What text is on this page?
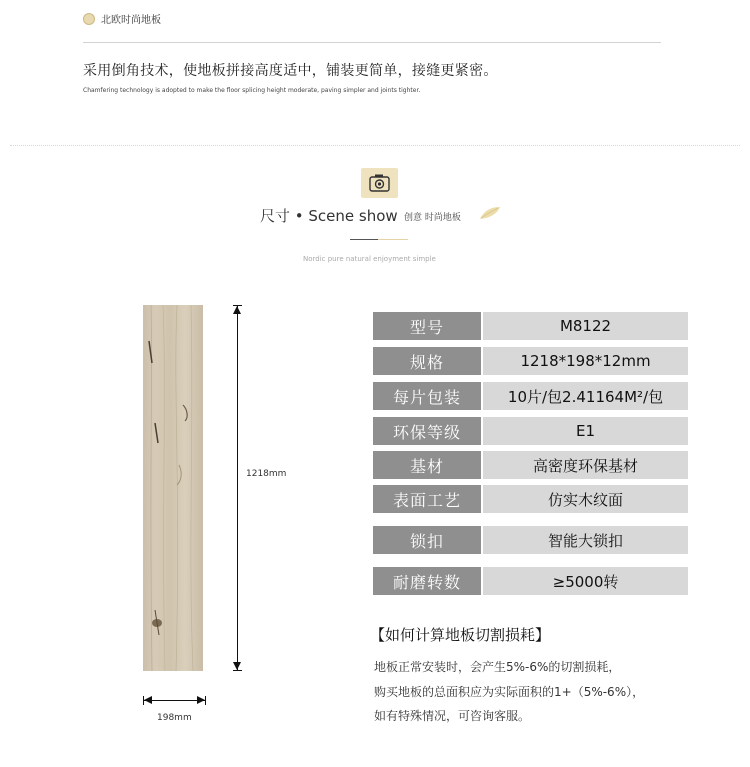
北欧时尚地板
采用倒角技术，使地板拼接高度适中，铺装更简单，接缝更紧密。
Chamfering technology is adopted to make the floor splicing height moderate, paving simpler and joints tighter.
尺寸 • Scene show 创意 时尚地板
Nordic pure natural enjoyment simple
1218mm
198mm
型号	M8122
规格	1218*198*12mm
每片包装	10片/包2.41164M²/包
环保等级	E1
基材	高密度环保基材
表面工艺	仿实木纹面
锁扣	智能大锁扣
耐磨转数	≥5000转
【如何计算地板切割损耗】
地板正常安装时，会产生5%-6%的切割损耗，
购买地板的总面积应为实际面积的1+（5%-6%），
如有特殊情况，可咨询客服。
